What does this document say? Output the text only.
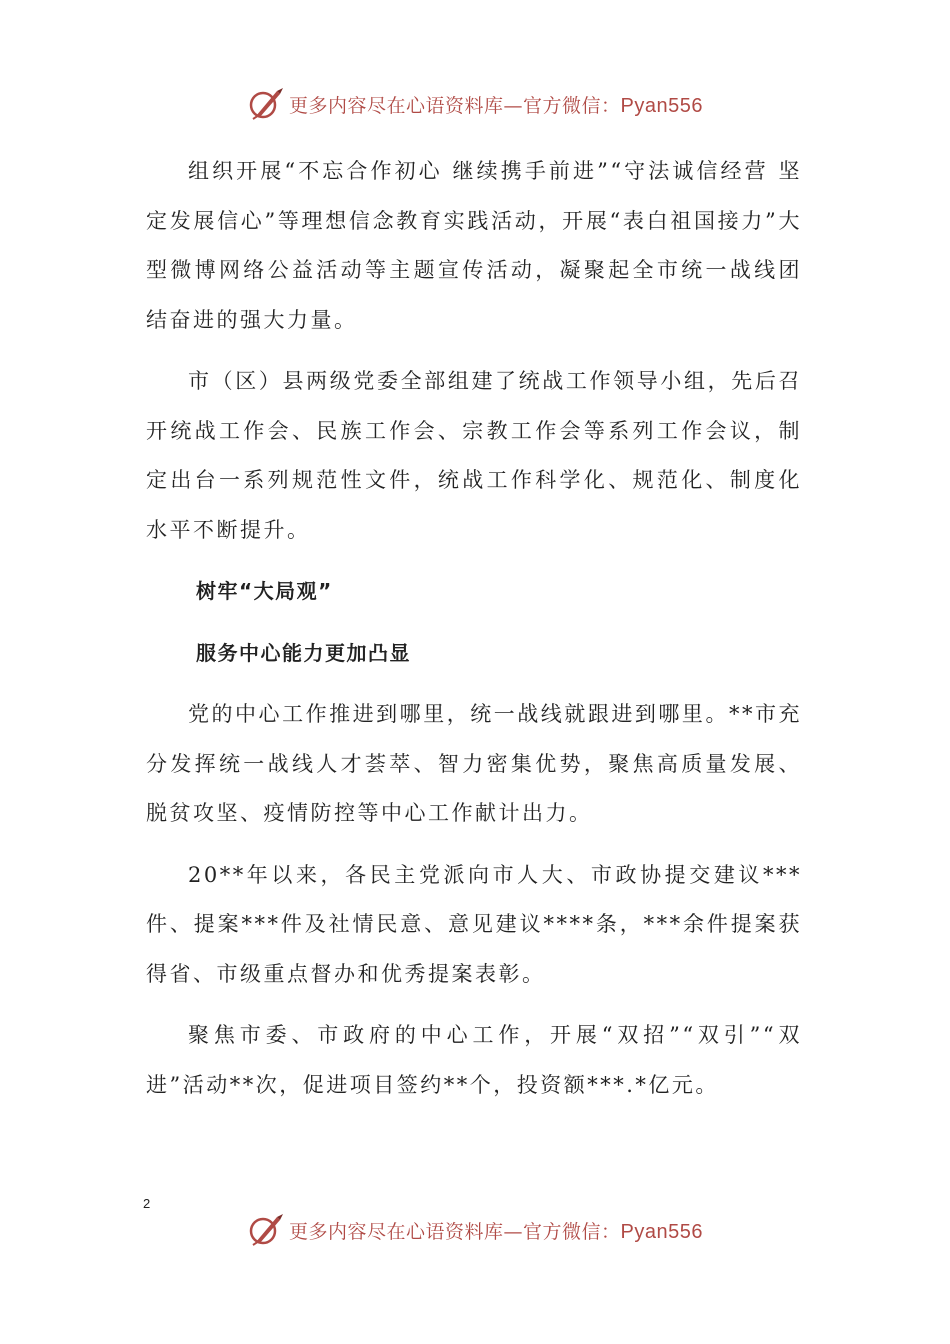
更多内容尽在心语资料库—官方微信：Pyan556

组织开展“不忘合作初心 继续携手前进”“守法诚信经营 坚定发展信心”等理想信念教育实践活动，开展“表白祖国接力”大型微博网络公益活动等主题宣传活动，凝聚起全市统一战线团结奋进的强大力量。

市（区）县两级党委全部组建了统战工作领导小组，先后召开统战工作会、民族工作会、宗教工作会等系列工作会议，制定出台一系列规范性文件，统战工作科学化、规范化、制度化水平不断提升。

树牢“大局观”

服务中心能力更加凸显

党的中心工作推进到哪里，统一战线就跟进到哪里。**市充分发挥统一战线人才荟萃、智力密集优势，聚焦高质量发展、脱贫攻坚、疫情防控等中心工作献计出力。

20**年以来，各民主党派向市人大、市政协提交建议***件、提案***件及社情民意、意见建议****条，***余件提案获得省、市级重点督办和优秀提案表彰。

聚焦市委、市政府的中心工作，开展“双招”“双引”“双进”活动**次，促进项目签约**个，投资额***.*亿元。

2
更多内容尽在心语资料库—官方微信：Pyan556
